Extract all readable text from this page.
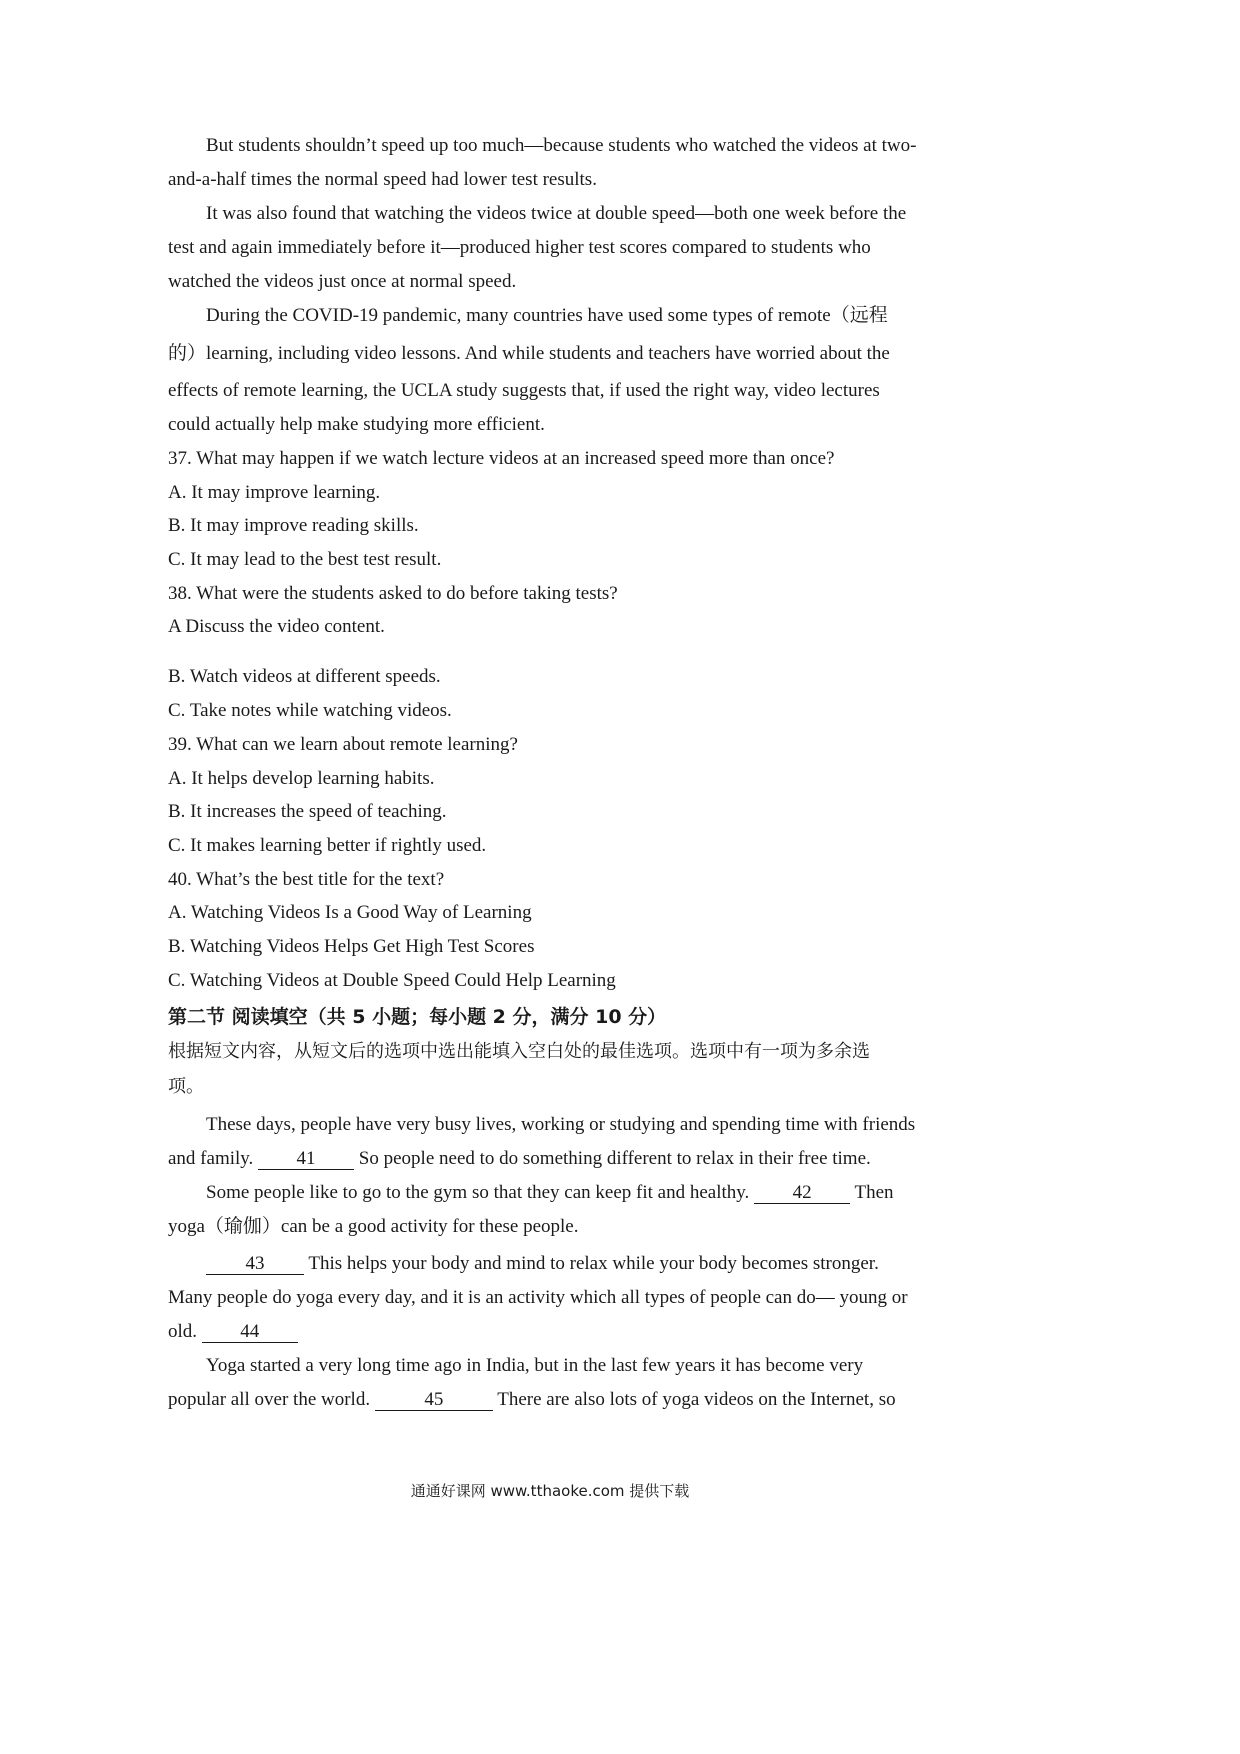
But students shouldn’t speed up too much—because students who watched the videos at two-
and-a-half times the normal speed had lower test results.
It was also found that watching the videos twice at double speed—both one week before the
test and again immediately before it—produced higher test scores compared to students who
watched the videos just once at normal speed.
During the COVID-19 pandemic, many countries have used some types of remote（远程
的）learning, including video lessons. And while students and teachers have worried about the
effects of remote learning, the UCLA study suggests that, if used the right way, video lectures
could actually help make studying more efficient.
37. What may happen if we watch lecture videos at an increased speed more than once?
A. It may improve learning.
B. It may improve reading skills.
C. It may lead to the best test result.
38. What were the students asked to do before taking tests?
A Discuss the video content.
B. Watch videos at different speeds.
C. Take notes while watching videos.
39. What can we learn about remote learning?
A. It helps develop learning habits.
B. It increases the speed of teaching.
C. It makes learning better if rightly used.
40. What’s the best title for the text?
A. Watching Videos Is a Good Way of Learning
B. Watching Videos Helps Get High Test Scores
C. Watching Videos at Double Speed Could Help Learning
第二节 阅读填空（共 5 小题；每小题 2 分，满分 10 分）
根据短文内容，从短文后的选项中选出能填入空白处的最佳选项。选项中有一项为多余选
项。
These days, people have very busy lives, working or studying and spending time with friends
and family. 41 So people need to do something different to relax in their free time.
Some people like to go to the gym so that they can keep fit and healthy. 42 Then
yoga（瑜伽）can be a good activity for these people.
43 This helps your body and mind to relax while your body becomes stronger.
Many people do yoga every day, and it is an activity which all types of people can do— young or
old. 44
Yoga started a very long time ago in India, but in the last few years it has become very
popular all over the world.	45	There are also lots of yoga videos on the Internet, so
通通好课网 www.tthaoke.com 提供下载
